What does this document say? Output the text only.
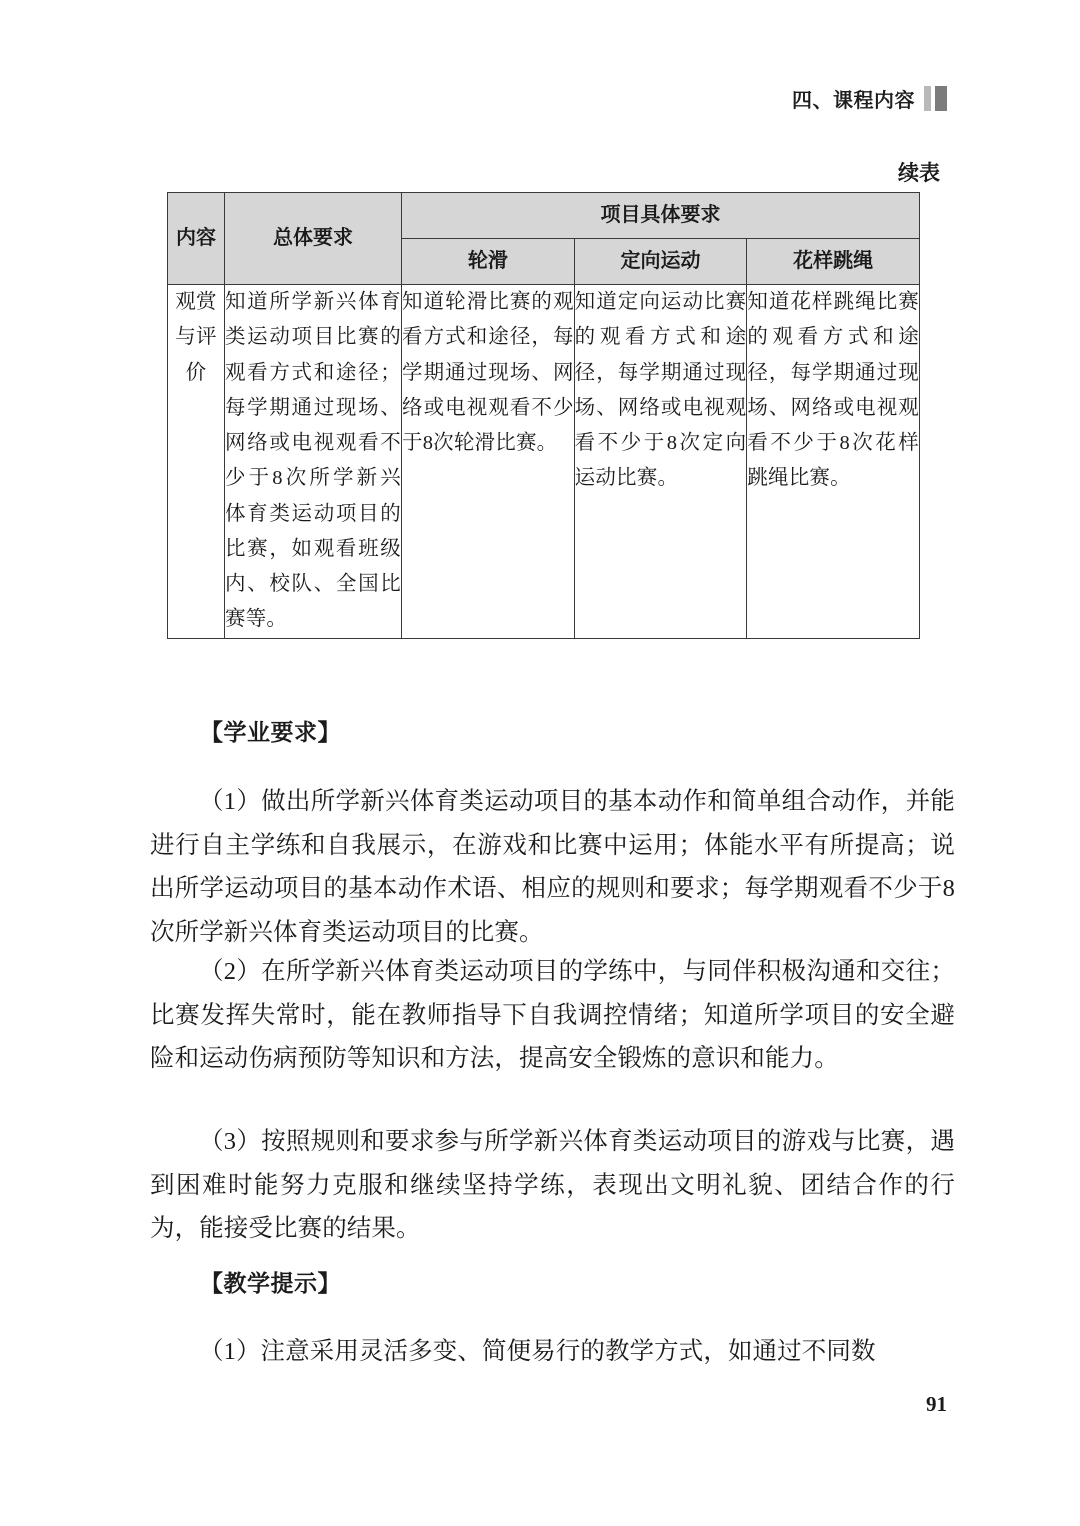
四、课程内容
续表
内容	总体要求	项目具体要求		
		轮滑	定向运动	花样跳绳
观赏与评价	知道所学新兴体育类运动项目比赛的观看方式和途径；每学期通过现场、网络或电视观看不少于8次所学新兴体育类运动项目的比赛，如观看班级内、校队、全国比赛等。	知道轮滑比赛的观看方式和途径，每学期通过现场、网络或电视观看不少于8次轮滑比赛。	知道定向运动比赛的观看方式和途径，每学期通过现场、网络或电视观看不少于8次定向运动比赛。	知道花样跳绳比赛的观看方式和途径，每学期通过现场、网络或电视观看不少于8次花样跳绳比赛。
【学业要求】
（1）做出所学新兴体育类运动项目的基本动作和简单组合动作，并能进行自主学练和自我展示，在游戏和比赛中运用；体能水平有所提高；说出所学运动项目的基本动作术语、相应的规则和要求；每学期观看不少于8次所学新兴体育类运动项目的比赛。
（2）在所学新兴体育类运动项目的学练中，与同伴积极沟通和交往；比赛发挥失常时，能在教师指导下自我调控情绪；知道所学项目的安全避险和运动伤病预防等知识和方法，提高安全锻炼的意识和能力。
（3）按照规则和要求参与所学新兴体育类运动项目的游戏与比赛，遇到困难时能努力克服和继续坚持学练，表现出文明礼貌、团结合作的行为，能接受比赛的结果。
【教学提示】
（1）注意采用灵活多变、简便易行的教学方式，如通过不同数
91
